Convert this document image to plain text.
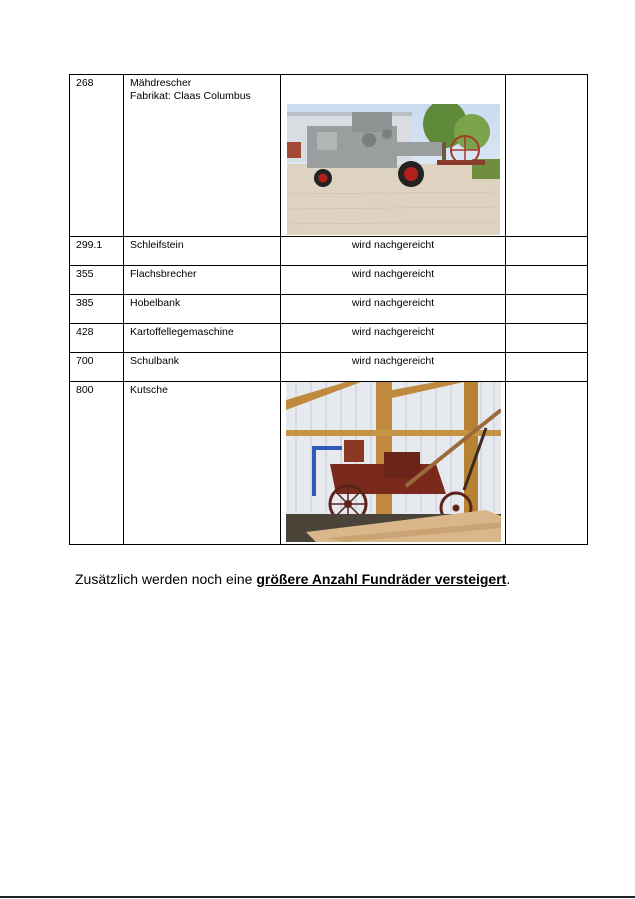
268	Mähdrescher
Fabrikat: Claas Columbus

299.1	Schleifstein	wird nachgereicht	
355	Flachsbrecher	wird nachgereicht	
385	Hobelbank	wird nachgereicht	
428	Kartoffellegemaschine	wird nachgereicht	
700	Schulbank	wird nachgereicht	
800	Kutsche	

Zusätzlich werden noch eine größere Anzahl Fundräder versteigert.
